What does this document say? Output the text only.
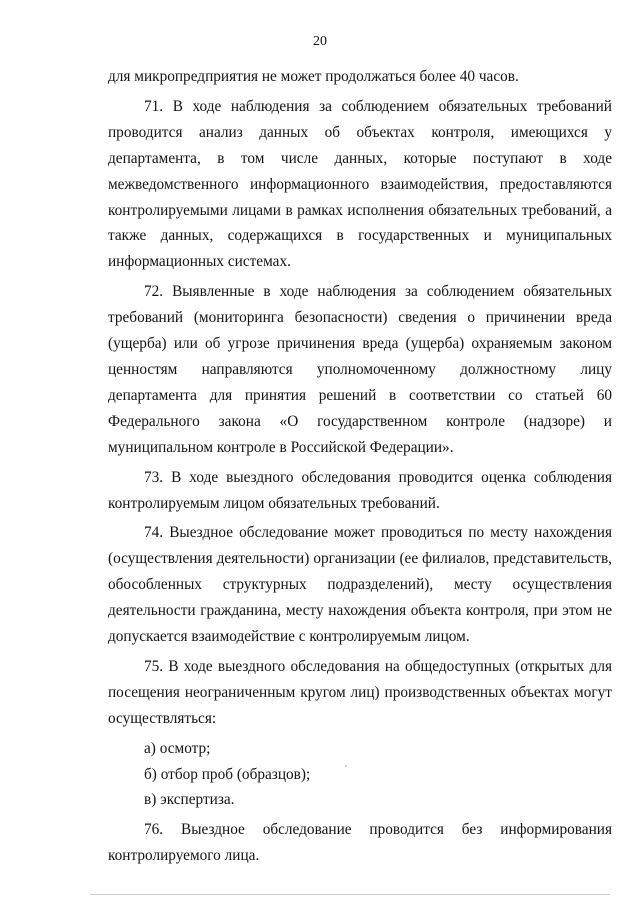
20

для микропредприятия не может продолжаться более 40 часов.

71. В ходе наблюдения за соблюдением обязательных требований проводится анализ данных об объектах контроля, имеющихся у департамента, в том числе данных, которые поступают в ходе межведомственного информационного взаимодействия, предоставляются контролируемыми лицами в рамках исполнения обязательных требований, а также данных, содержащихся в государственных и муниципальных информационных системах.

72. Выявленные в ходе наблюдения за соблюдением обязательных требований (мониторинга безопасности) сведения о причинении вреда (ущерба) или об угрозе причинения вреда (ущерба) охраняемым законом ценностям направляются уполномоченному должностному лицу департамента для принятия решений в соответствии со статьей 60 Федерального закона «О государственном контроле (надзоре) и муниципальном контроле в Российской Федерации».

73. В ходе выездного обследования проводится оценка соблюдения контролируемым лицом обязательных требований.

74. Выездное обследование может проводиться по месту нахождения (осуществления деятельности) организации (ее филиалов, представительств, обособленных структурных подразделений), месту осуществления деятельности гражданина, месту нахождения объекта контроля, при этом не допускается взаимодействие с контролируемым лицом.

75. В ходе выездного обследования на общедоступных (открытых для посещения неограниченным кругом лиц) производственных объектах могут осуществляться:

а) осмотр;

б) отбор проб (образцов);

в) экспертиза.

76. Выездное обследование проводится без информирования контролируемого лица.
